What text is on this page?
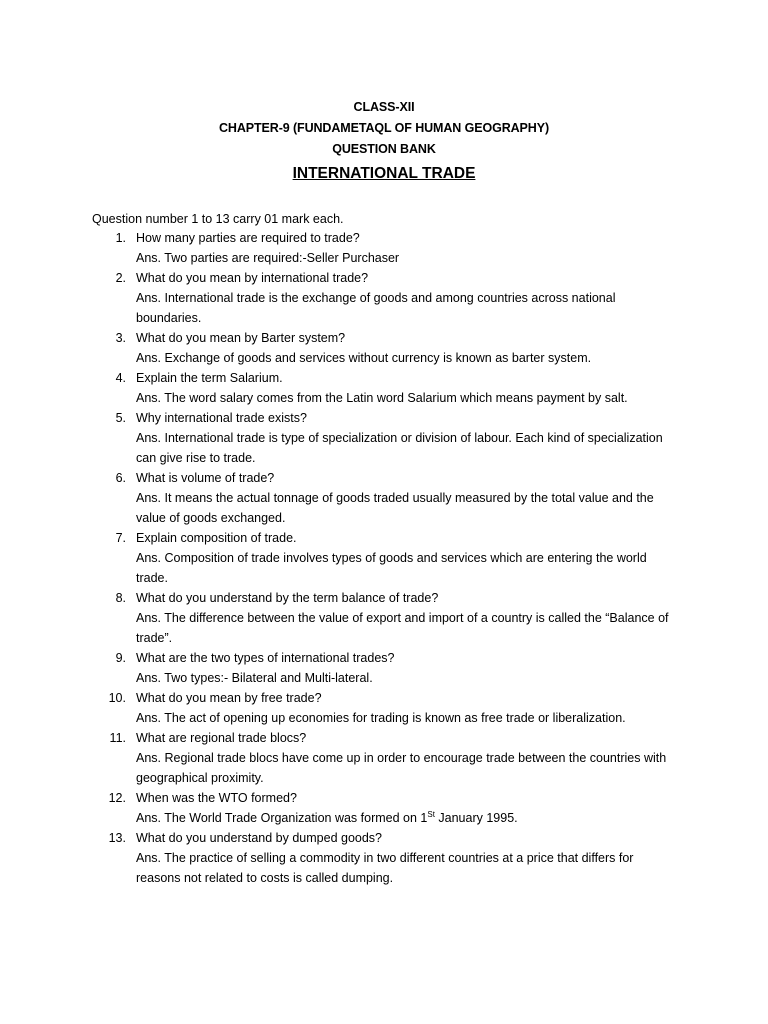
CLASS-XII
CHAPTER-9 (FUNDAMETAQL OF HUMAN GEOGRAPHY)
QUESTION BANK
INTERNATIONAL TRADE
Question number 1 to 13 carry 01 mark each.
1. How many parties are required to trade?
Ans. Two parties are required:-Seller Purchaser
2. What do you mean by international trade?
Ans. International trade is the exchange of goods and among countries across national boundaries.
3. What do you mean by Barter system?
Ans. Exchange of goods and services without currency is known as barter system.
4. Explain the term Salarium.
Ans. The word salary comes from the Latin word Salarium which means payment by salt.
5. Why international trade exists?
Ans. International trade is type of specialization or division of labour. Each kind of specialization can give rise to trade.
6. What is volume of trade?
Ans. It means the actual tonnage of goods traded usually measured by the total value and the value of goods exchanged.
7. Explain composition of trade.
Ans. Composition of trade involves types of goods and services which are entering the world trade.
8. What do you understand by the term balance of trade?
Ans. The difference between the value of export and import of a country is called the “Balance of trade”.
9. What are the two types of international trades?
Ans. Two types:- Bilateral and Multi-lateral.
10. What do you mean by free trade?
Ans. The act of opening up economies for trading is known as free trade or liberalization.
11. What are regional trade blocs?
Ans. Regional trade blocs have come up in order to encourage trade between the countries with geographical proximity.
12. When was the WTO formed?
Ans. The World Trade Organization was formed on 1St January 1995.
13. What do you understand by dumped goods?
Ans. The practice of selling a commodity in two different countries at a price that differs for reasons not related to costs is called dumping.
